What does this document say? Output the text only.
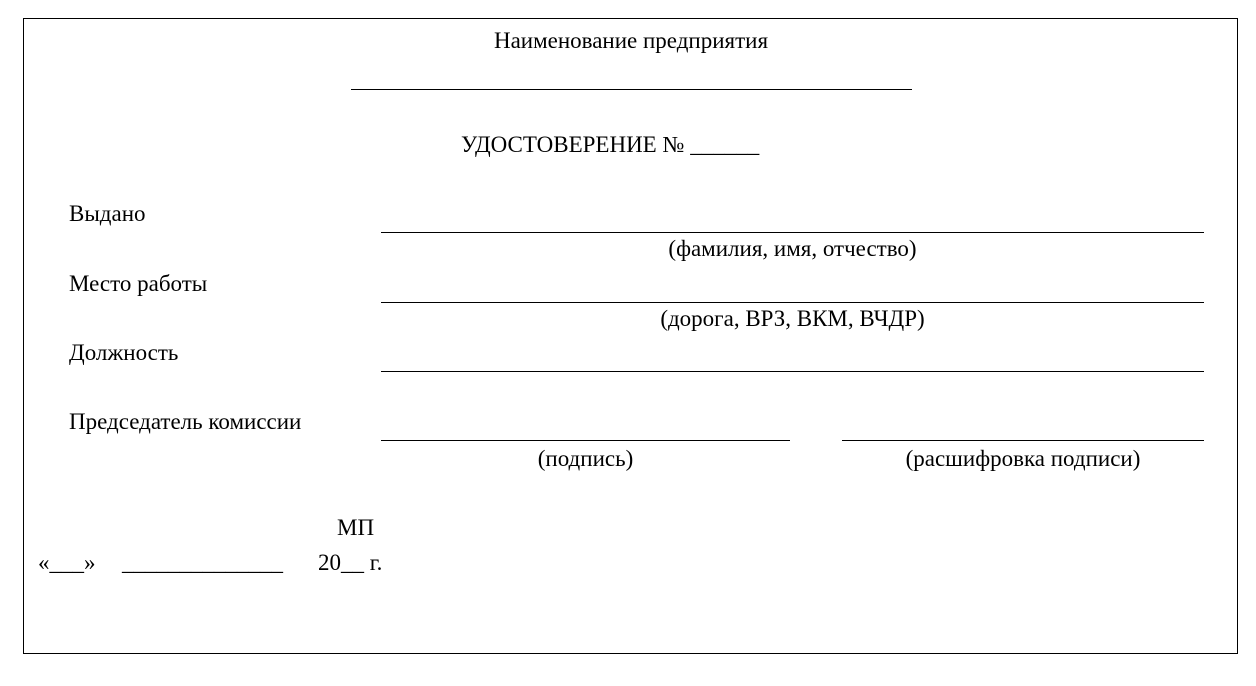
Наименование предприятия
УДОСТОВЕРЕНИЕ № ______
Выдано
(фамилия, имя, отчество)
Место работы
(дорога, ВРЗ, ВКМ, ВЧДР)
Должность
Председатель комиссии
(подпись)	(расшифровка подписи)
МП
«___» ______________ 20__ г.
